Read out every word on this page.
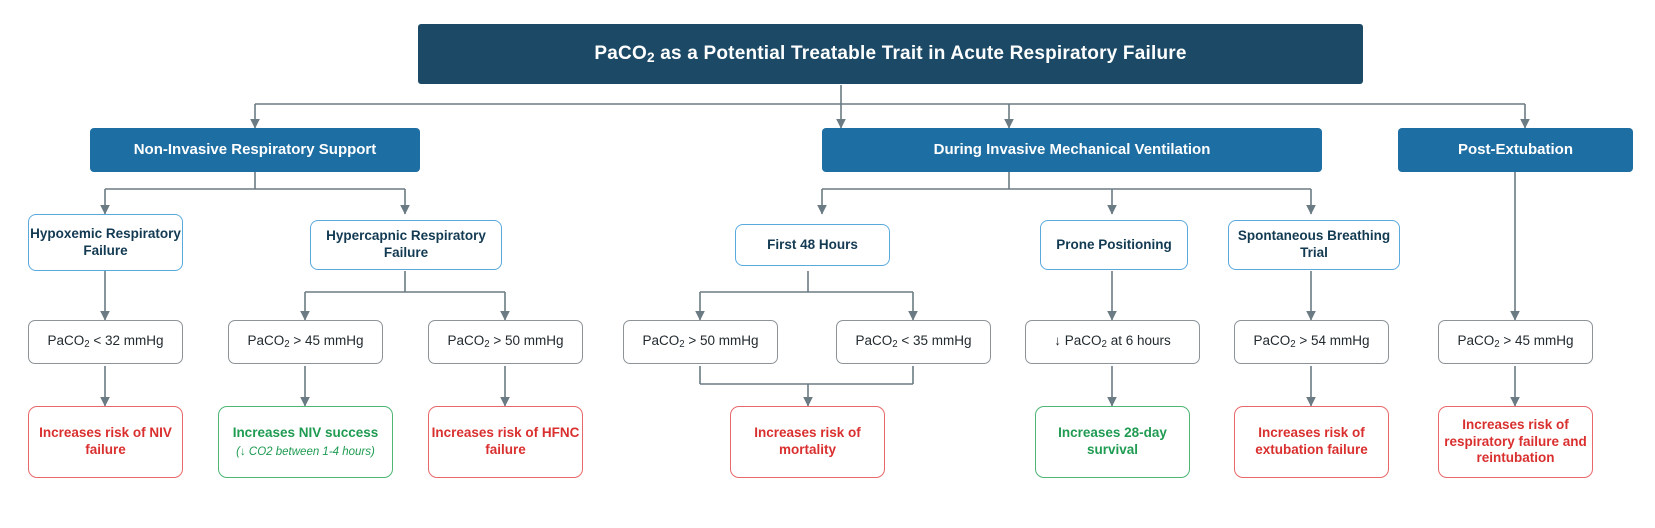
PaCO$_2$ as a Potential Treatable Trait in Acute Respiratory Failure
Non-Invasive Respiratory Support	During Invasive Mechanical Ventilation	Post-Extubation
Hypoxemic Respiratory Failure
Hypercapnic Respiratory Failure
First 48 Hours	Prone Positioning
Spontaneous Breathing Trial
PaCO$_2$ < 32 mmHg	PaCO$_2$ > 45 mmHg	PaCO$_2$ > 50 mmHg	PaCO$_2$ > 50 mmHg	PaCO$_2$ < 35 mmHg	↓ PaCO$_2$ at 6 hours	PaCO$_2$ > 54 mmHg	PaCO$_2$ > 45 mmHg
Increases risk of NIV failure
Increases NIV success
(↓ CO2 between 1-4 hours)
Increases risk of HFNC failure
Increases risk of mortality
Increases 28-day survival
Increases risk of extubation failure
Increases risk of respiratory failure and reintubation
